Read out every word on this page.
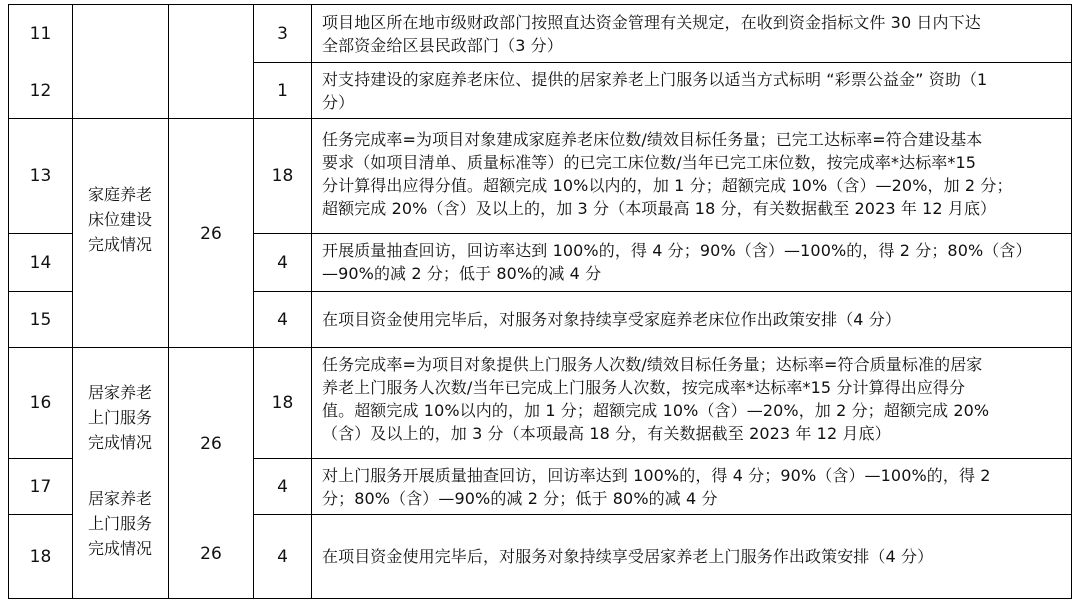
11
12
13
14
15
16
17
18
家庭养老
床位建设
完成情况
居家养老
上门服务
完成情况
居家养老
上门服务
完成情况
26
26
26
3
1
18
4
4
18
4
4
项目地区所在地市级财政部门按照直达资金管理有关规定，在收到资金指标文件 30 日内下达
全部资金给区县民政部门（3 分）
对支持建设的家庭养老床位、提供的居家养老上门服务以适当方式标明 “彩票公益金” 资助（1
分）
任务完成率=为项目对象建成家庭养老床位数/绩效目标任务量；已完工达标率=符合建设基本
要求（如项目清单、质量标准等）的已完工床位数/当年已完工床位数，按完成率*达标率*15
分计算得出应得分值。超额完成 10%以内的，加 1 分；超额完成 10%（含）—20%，加 2 分；
超额完成 20%（含）及以上的，加 3 分（本项最高 18 分，有关数据截至 2023 年 12 月底）
开展质量抽查回访，回访率达到 100%的，得 4 分；90%（含）—100%的，得 2 分；80%（含）
—90%的减 2 分；低于 80%的减 4 分
在项目资金使用完毕后，对服务对象持续享受家庭养老床位作出政策安排（4 分）
任务完成率=为项目对象提供上门服务人次数/绩效目标任务量；达标率=符合质量标准的居家
养老上门服务人次数/当年已完成上门服务人次数，按完成率*达标率*15 分计算得出应得分
值。超额完成 10%以内的，加 1 分；超额完成 10%（含）—20%，加 2 分；超额完成 20%
（含）及以上的，加 3 分（本项最高 18 分，有关数据截至 2023 年 12 月底）
对上门服务开展质量抽查回访，回访率达到 100%的，得 4 分；90%（含）—100%的，得 2
分；80%（含）—90%的减 2 分；低于 80%的减 4 分
在项目资金使用完毕后，对服务对象持续享受居家养老上门服务作出政策安排（4 分）
